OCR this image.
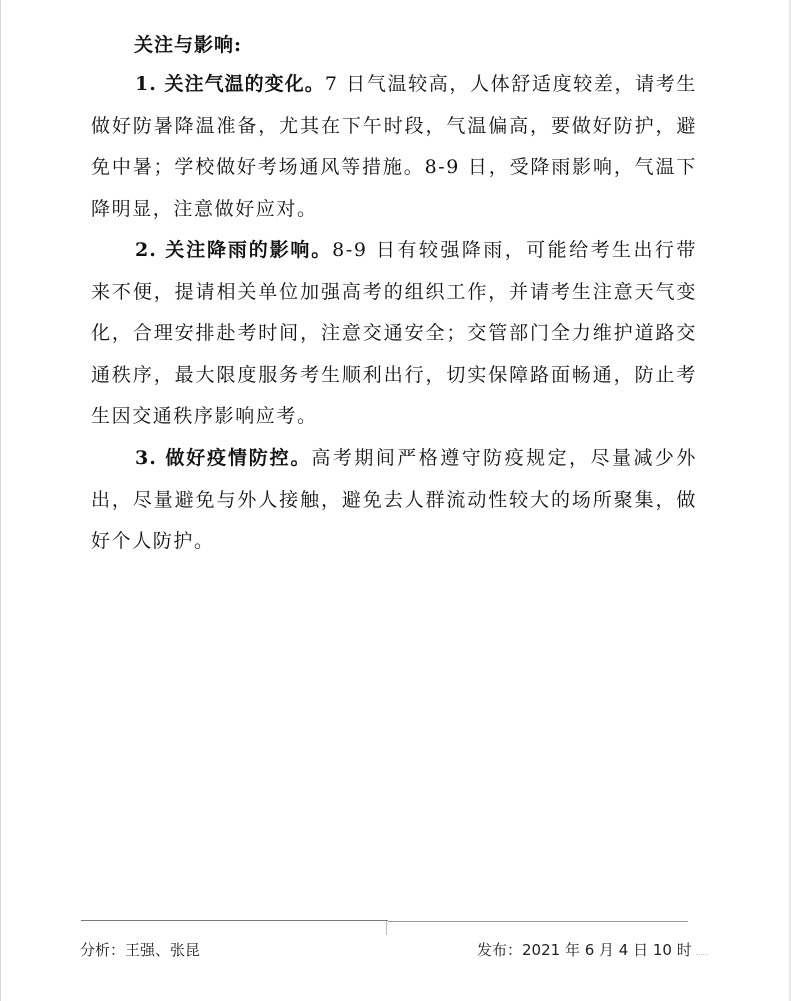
关注与影响:
1. 关注气温的变化。7 日气温较高，人体舒适度较差，请考生做好防暑降温准备，尤其在下午时段，气温偏高，要做好防护，避免中暑；学校做好考场通风等措施。8-9 日，受降雨影响，气温下降明显，注意做好应对。
2. 关注降雨的影响。8-9 日有较强降雨，可能给考生出行带来不便，提请相关单位加强高考的组织工作，并请考生注意天气变化，合理安排赴考时间，注意交通安全；交管部门全力维护道路交通秩序，最大限度服务考生顺利出行，切实保障路面畅通，防止考生因交通秩序影响应考。
3. 做好疫情防控。高考期间严格遵守防疫规定，尽量减少外出，尽量避免与外人接触，避免去人群流动性较大的场所聚集，做好个人防护。
分析：王强、张昆	发布：2021 年 6 月 4 日 10 时
